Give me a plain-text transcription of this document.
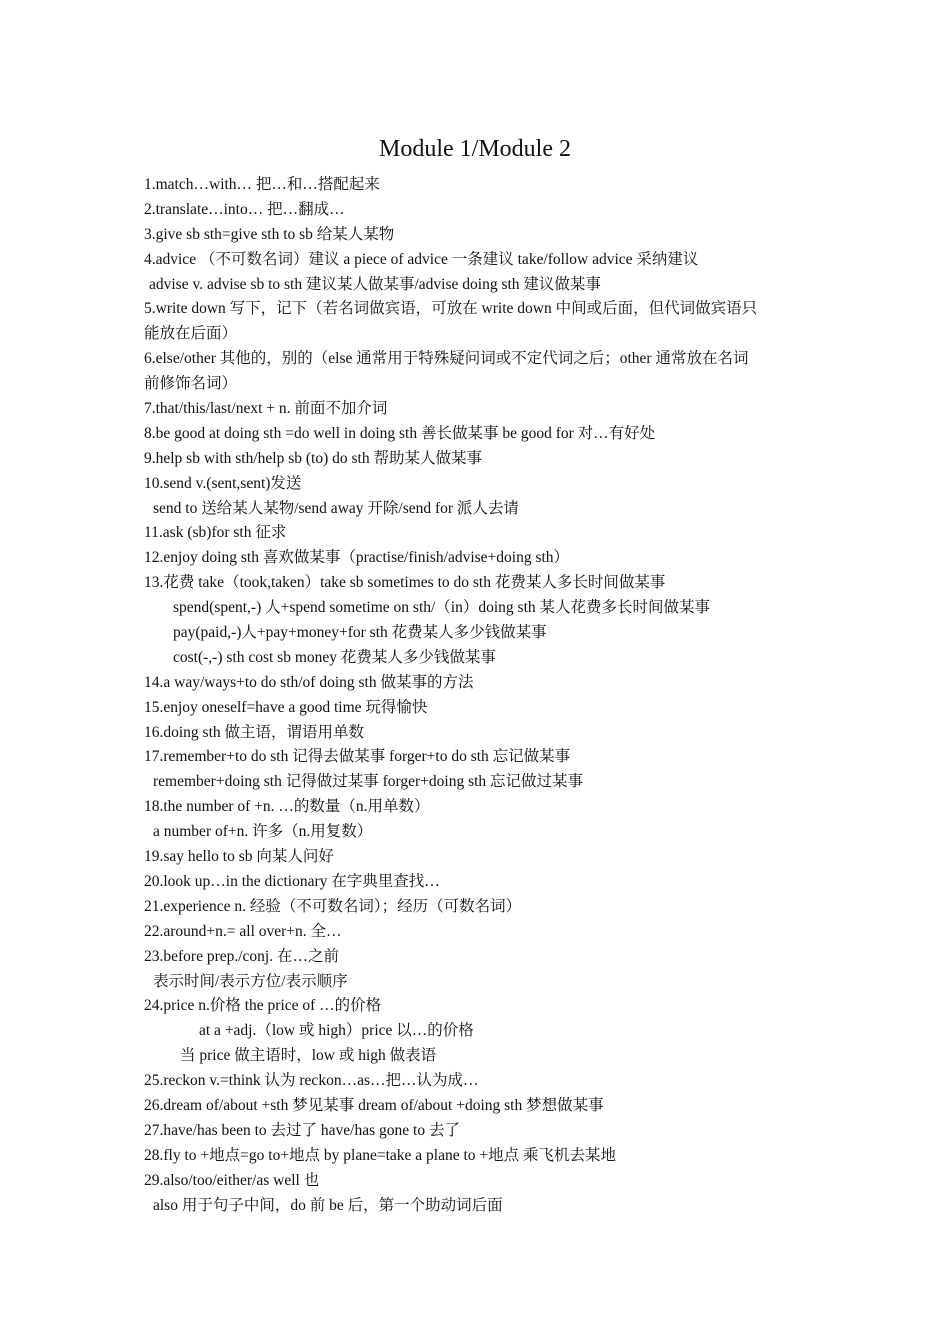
Module 1/Module 2
1.match…with… 把…和…搭配起来
2.translate…into… 把…翻成…
3.give sb sth=give sth to sb 给某人某物
4.advice （不可数名词）建议 a piece of advice 一条建议 take/follow advice 采纳建议
advise v. advise sb to sth 建议某人做某事/advise doing sth 建议做某事
5.write down 写下，记下（若名词做宾语，可放在 write down 中间或后面，但代词做宾语只
能放在后面）
6.else/other 其他的，别的（else 通常用于特殊疑问词或不定代词之后；other 通常放在名词
前修饰名词）
7.that/this/last/next + n. 前面不加介词
8.be good at doing sth =do well in doing sth 善长做某事 be good for 对…有好处
9.help sb with sth/help sb (to) do sth 帮助某人做某事
10.send v.(sent,sent)发送
send to 送给某人某物/send away 开除/send for 派人去请
11.ask (sb)for sth 征求
12.enjoy doing sth 喜欢做某事（practise/finish/advise+doing sth）
13.花费 take（took,taken）take sb sometimes to do sth 花费某人多长时间做某事
spend(spent,-) 人+spend sometime on sth/（in）doing sth 某人花费多长时间做某事
pay(paid,-)人+pay+money+for sth 花费某人多少钱做某事
cost(-,-) sth cost sb money 花费某人多少钱做某事
14.a way/ways+to do sth/of doing sth 做某事的方法
15.enjoy oneself=have a good time 玩得愉快
16.doing sth 做主语，谓语用单数
17.remember+to do sth 记得去做某事 forger+to do sth 忘记做某事
remember+doing sth 记得做过某事 forger+doing sth 忘记做过某事
18.the number of +n. …的数量（n.用单数）
a number of+n. 许多（n.用复数）
19.say hello to sb 向某人问好
20.look up…in the dictionary 在字典里查找…
21.experience n. 经验（不可数名词）；经历（可数名词）
22.around+n.= all over+n. 全…
23.before prep./conj. 在…之前
表示时间/表示方位/表示顺序
24.price n.价格 the price of …的价格
at a +adj.（low 或 high）price 以…的价格
当 price 做主语时，low 或 high 做表语
25.reckon v.=think 认为 reckon…as…把…认为成…
26.dream of/about +sth 梦见某事 dream of/about +doing sth 梦想做某事
27.have/has been to 去过了 have/has gone to 去了
28.fly to +地点=go to+地点 by plane=take a plane to +地点 乘飞机去某地
29.also/too/either/as well 也
also 用于句子中间，do 前 be 后，第一个助动词后面
